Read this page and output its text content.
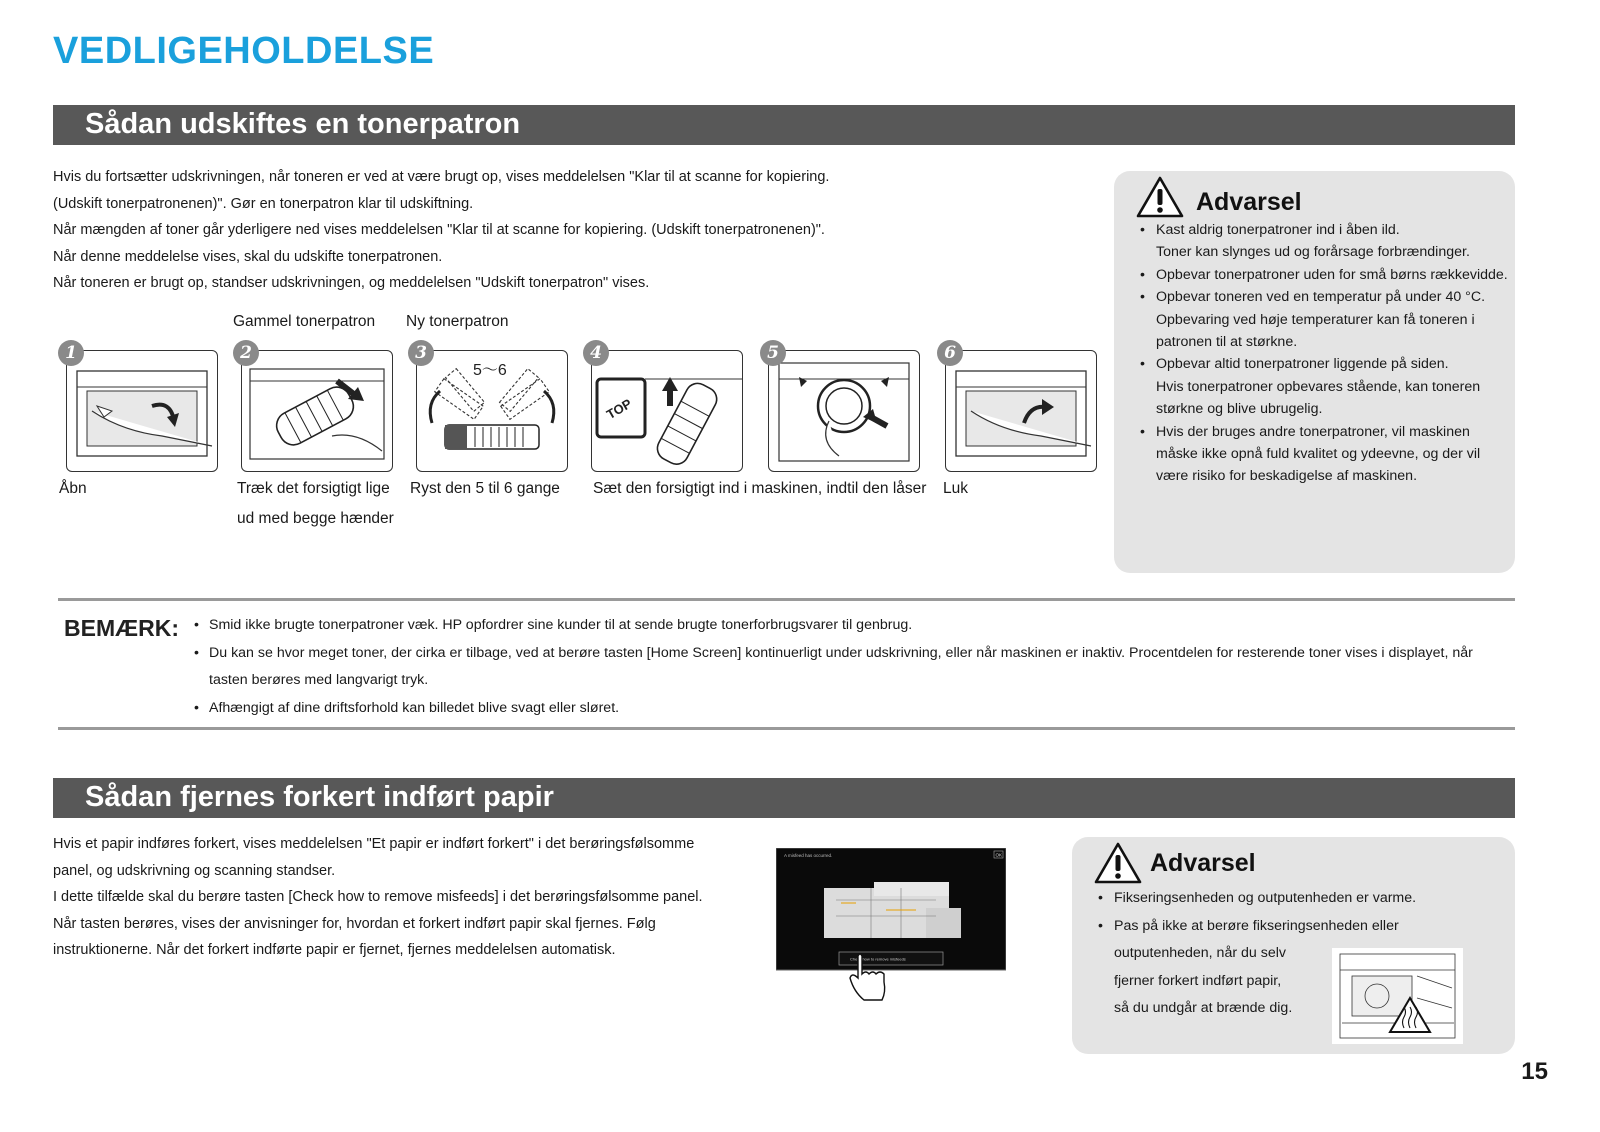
VEDLIGEHOLDELSE
Sådan udskiftes en tonerpatron

Hvis du fortsætter udskrivningen, når toneren er ved at være brugt op, vises meddelelsen "Klar til at scanne for kopiering.

(Udskift tonerpatronenen)". Gør en tonerpatron klar til udskiftning.

Når mængden af toner går yderligere ned vises meddelelsen "Klar til at scanne for kopiering. (Udskift tonerpatronenen)".

Når denne meddelelse vises, skal du udskifte tonerpatronen.

Når toneren er brugt op, standser udskrivningen, og meddelelsen "Udskift tonerpatron" vises.

Gammel tonerpatron Ny tonerpatron
1	2	3
5〜6
4
TOP
5	6
Åbn	Træk det forsigtigt lige ud med begge hænder
Ryst den 5 til 6 gange	Sæt den forsigtigt ind i maskinen, indtil den låser	Luk
Advarsel
• Kast aldrig tonerpatroner ind i åben ild.
Toner kan slynges ud og forårsage forbrændinger.
• Opbevar tonerpatroner uden for små børns rækkevidde.
• Opbevar toneren ved en temperatur på under 40 °C. Opbevaring ved høje temperaturer kan få toneren i patronen til at størkne.
• Opbevar altid tonerpatroner liggende på siden.
Hvis tonerpatroner opbevares stående, kan toneren størkne og blive ubrugelig.
• Hvis der bruges andre tonerpatroner, vil maskinen måske ikke opnå fuld kvalitet og ydeevne, og der vil være risiko for beskadigelse af maskinen.
BEMÆRK:
•	Smid ikke brugte tonerpatroner væk. HP opfordrer sine kunder til at sende brugte tonerforbrugsvarer til genbrug.
• Du kan se hvor meget toner, der cirka er tilbage, ved at berøre tasten [Home Screen] kontinuerligt under udskrivning, eller når maskinen er inaktiv. Procentdelen for resterende toner vises i displayet, når tasten berøres med langvarigt tryk.
• Afhængigt af dine driftsforhold kan billedet blive svagt eller sløret.
Sådan fjernes forkert indført papir

Hvis et papir indføres forkert, vises meddelelsen "Et papir er indført forkert" i det berøringsfølsomme

panel, og udskrivning og scanning standser.

I dette tilfælde skal du berøre tasten [Check how to remove misfeeds] i det berøringsfølsomme panel.

Når tasten berøres, vises der anvisninger for, hvordan et forkert indført papir skal fjernes. Følg

instruktionerne. Når det forkert indførte papir er fjernet, fjernes meddelelsen automatisk.

A misfeed has occurred.	OK
Check how to remove misfeeds
Advarsel
• Fikseringsenheden og outputenheden er varme.
• Pas på ikke at berøre fikseringsenheden eller
outputenheden, når du selv
fjerner forkert indført papir,
så du undgår at brænde dig.
15
